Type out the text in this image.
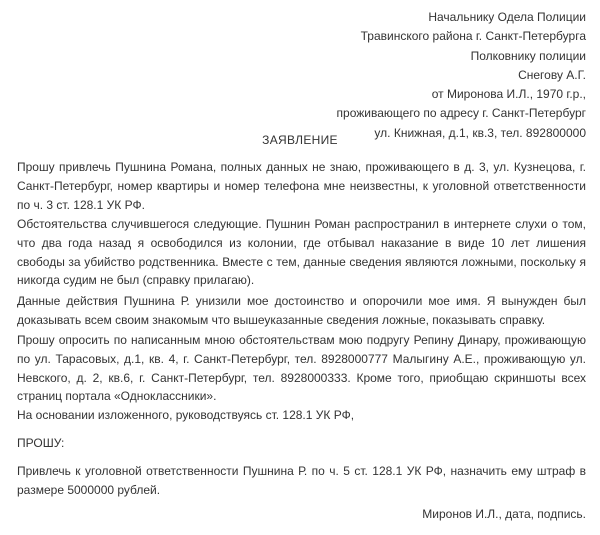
Начальнику Одела Полиции
Травинского района г. Санкт-Петербурга
Полковнику полиции
Снегову А.Г.
от Миронова И.Л., 1970 г.р.,
проживающего по адресу г. Санкт-Петербург
ул. Книжная, д.1, кв.3, тел. 892800000
ЗАЯВЛЕНИЕ
Прошу привлечь Пушнина Романа, полных данных не знаю, проживающего в д. 3, ул. Кузнецова, г. Санкт-Петербург, номер квартиры и номер телефона мне неизвестны, к уголовной ответственности по ч. 3 ст. 128.1 УК РФ.
Обстоятельства случившегося следующие. Пушнин Роман распространил в интернете слухи о том, что два года назад я освободился из колонии, где отбывал наказание в виде 10 лет лишения свободы за убийство родственника. Вместе с тем, данные сведения являются ложными, поскольку я никогда судим не был (справку прилагаю).
Данные действия Пушнина Р. унизили мое достоинство и опорочили мое имя. Я вынужден был доказывать всем своим знакомым что вышеуказанные сведения ложные, показывать справку.
Прошу опросить по написанным мною обстоятельствам мою подругу Репину Динару, проживающую по ул. Тарасовых, д.1, кв. 4, г. Санкт-Петербург, тел. 8928000777 Малыгину А.Е., проживающую ул. Невского, д. 2, кв.6, г. Санкт-Петербург, тел. 8928000333. Кроме того, приобщаю скриншоты всех страниц портала «Одноклассники».
На основании изложенного, руководствуясь ст. 128.1 УК РФ,
ПРОШУ:
Привлечь к уголовной ответственности Пушнина Р. по ч. 5 ст. 128.1 УК РФ, назначить ему штраф в размере 5000000 рублей.
Миронов И.Л., дата, подпись.
